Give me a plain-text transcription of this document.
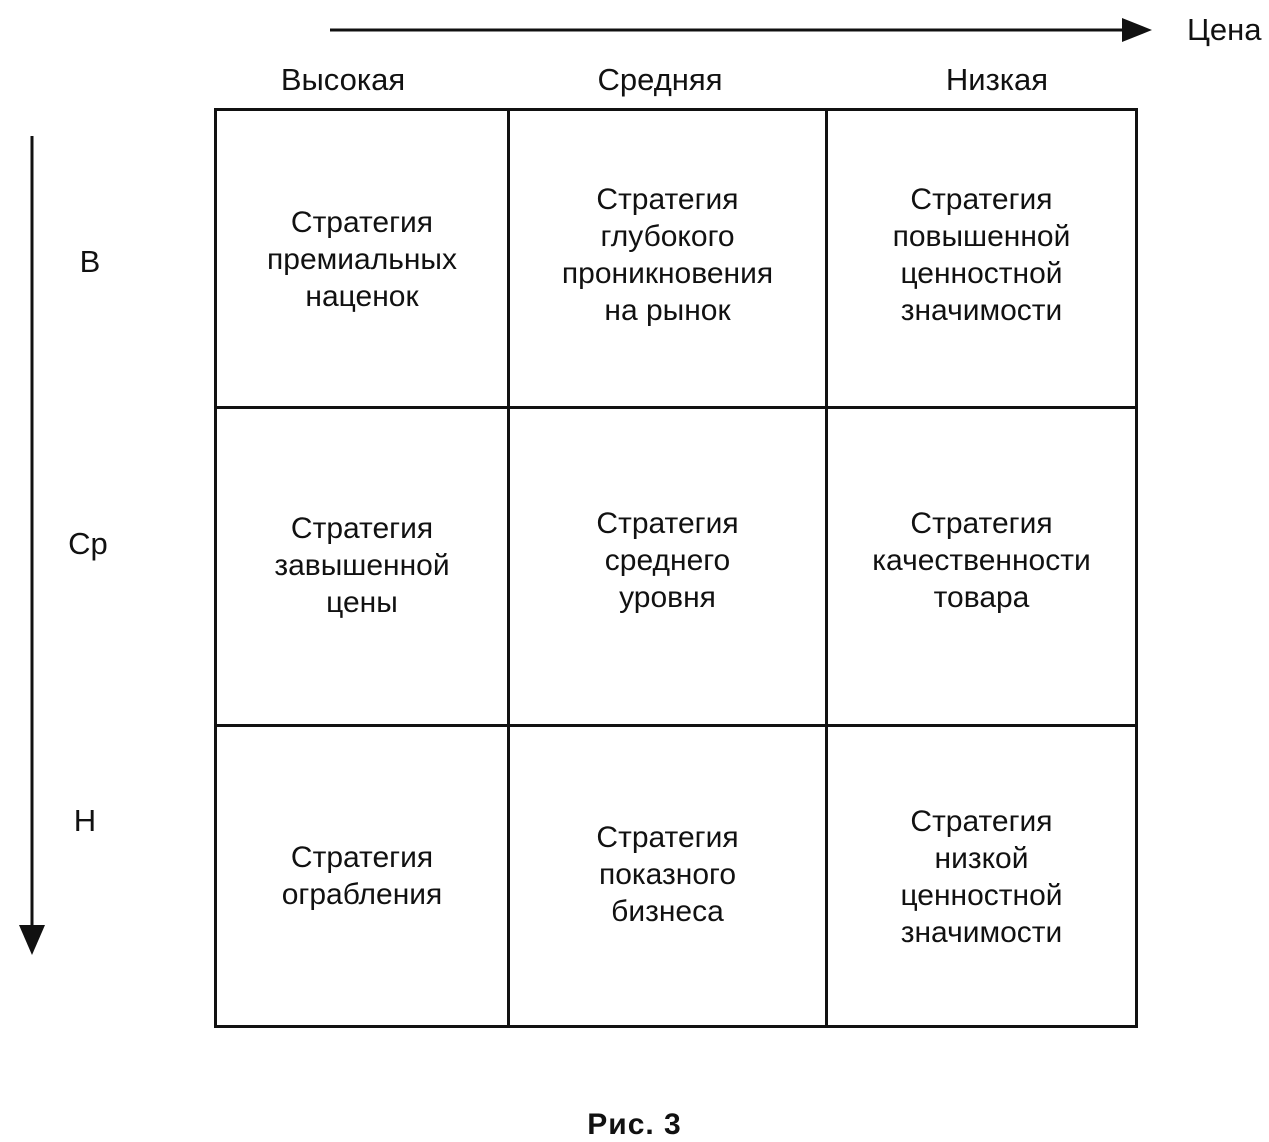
Цена
Высокая	Средняя	Низкая
В
Ср
Н
Стратегия
премиальных
наценок
Стратегия
глубокого
проникновения
на рынок
Стратегия
повышенной
ценностной
значимости
Стратегия
завышенной
цены
Стратегия
среднего
уровня
Стратегия
качественности
товара
Стратегия
ограбления
Стратегия
показного
бизнеса
Стратегия
низкой
ценностной
значимости
Рис. 3
